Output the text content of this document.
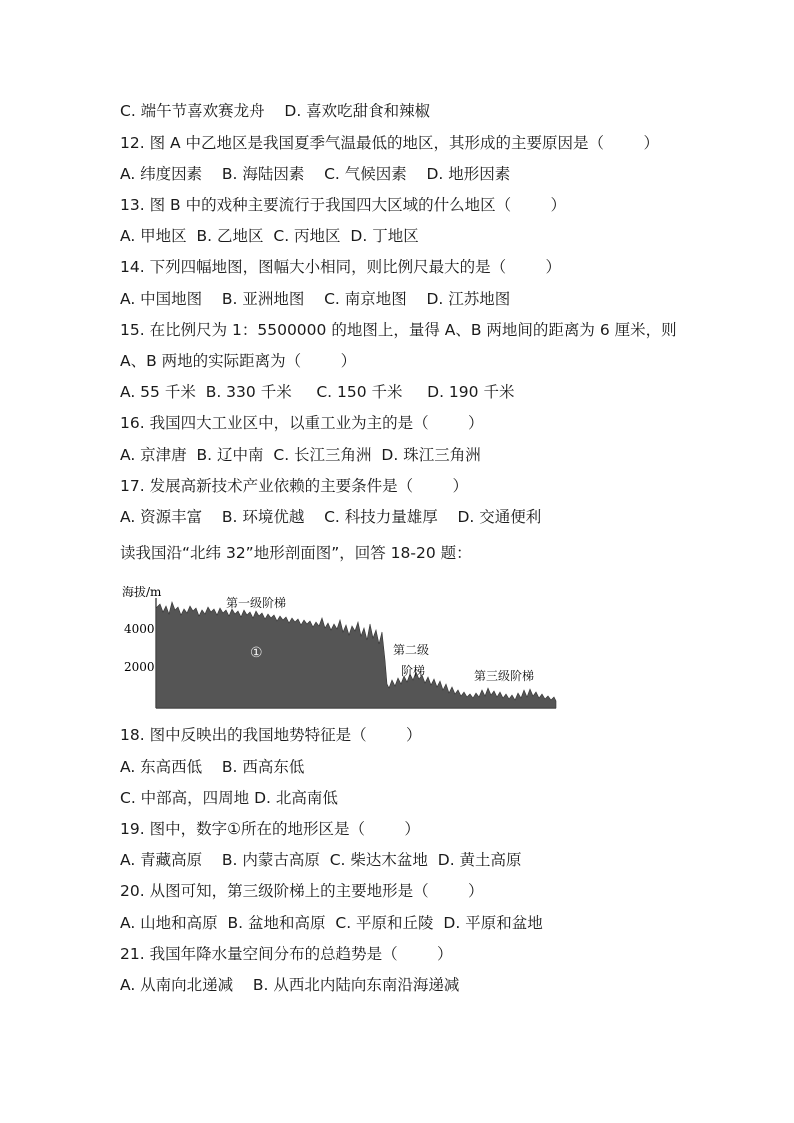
C. 端午节喜欢赛龙舟    D. 喜欢吃甜食和辣椒
12. 图 A 中乙地区是我国夏季气温最低的地区，其形成的主要原因是（        ）
A. 纬度因素    B. 海陆因素    C. 气候因素    D. 地形因素
13. 图 B 中的戏种主要流行于我国四大区域的什么地区（        ）
A. 甲地区  B. 乙地区  C. 丙地区  D. 丁地区
14. 下列四幅地图，图幅大小相同，则比例尺最大的是（        ）
A. 中国地图    B. 亚洲地图    C. 南京地图    D. 江苏地图
15. 在比例尺为 1：5500000 的地图上，量得 A、B 两地间的距离为 6 厘米，则
A、B 两地的实际距离为（        ）
A. 55 千米  B. 330 千米     C. 150 千米     D. 190 千米
16. 我国四大工业区中，以重工业为主的是（        ）
A. 京津唐  B. 辽中南  C. 长江三角洲  D. 珠江三角洲
17. 发展高新技术产业依赖的主要条件是（        ）
A. 资源丰富    B. 环境优越    C. 科技力量雄厚    D. 交通便利
读我国沿“北纬 32”地形剖面图”，回答 18-20 题：
海拔/m
4000
2000
第一级阶梯
第二级
阶梯	第三级阶梯
①
18. 图中反映出的我国地势特征是（        ）
A. 东高西低    B. 西高东低
C. 中部高，四周地 D. 北高南低
19. 图中，数字①所在的地形区是（        ）
A. 青藏高原    B. 内蒙古高原  C. 柴达木盆地  D. 黄土高原
20. 从图可知，第三级阶梯上的主要地形是（        ）
A. 山地和高原  B. 盆地和高原  C. 平原和丘陵  D. 平原和盆地
21. 我国年降水量空间分布的总趋势是（        ）
A. 从南向北递减    B. 从西北内陆向东南沿海递减
